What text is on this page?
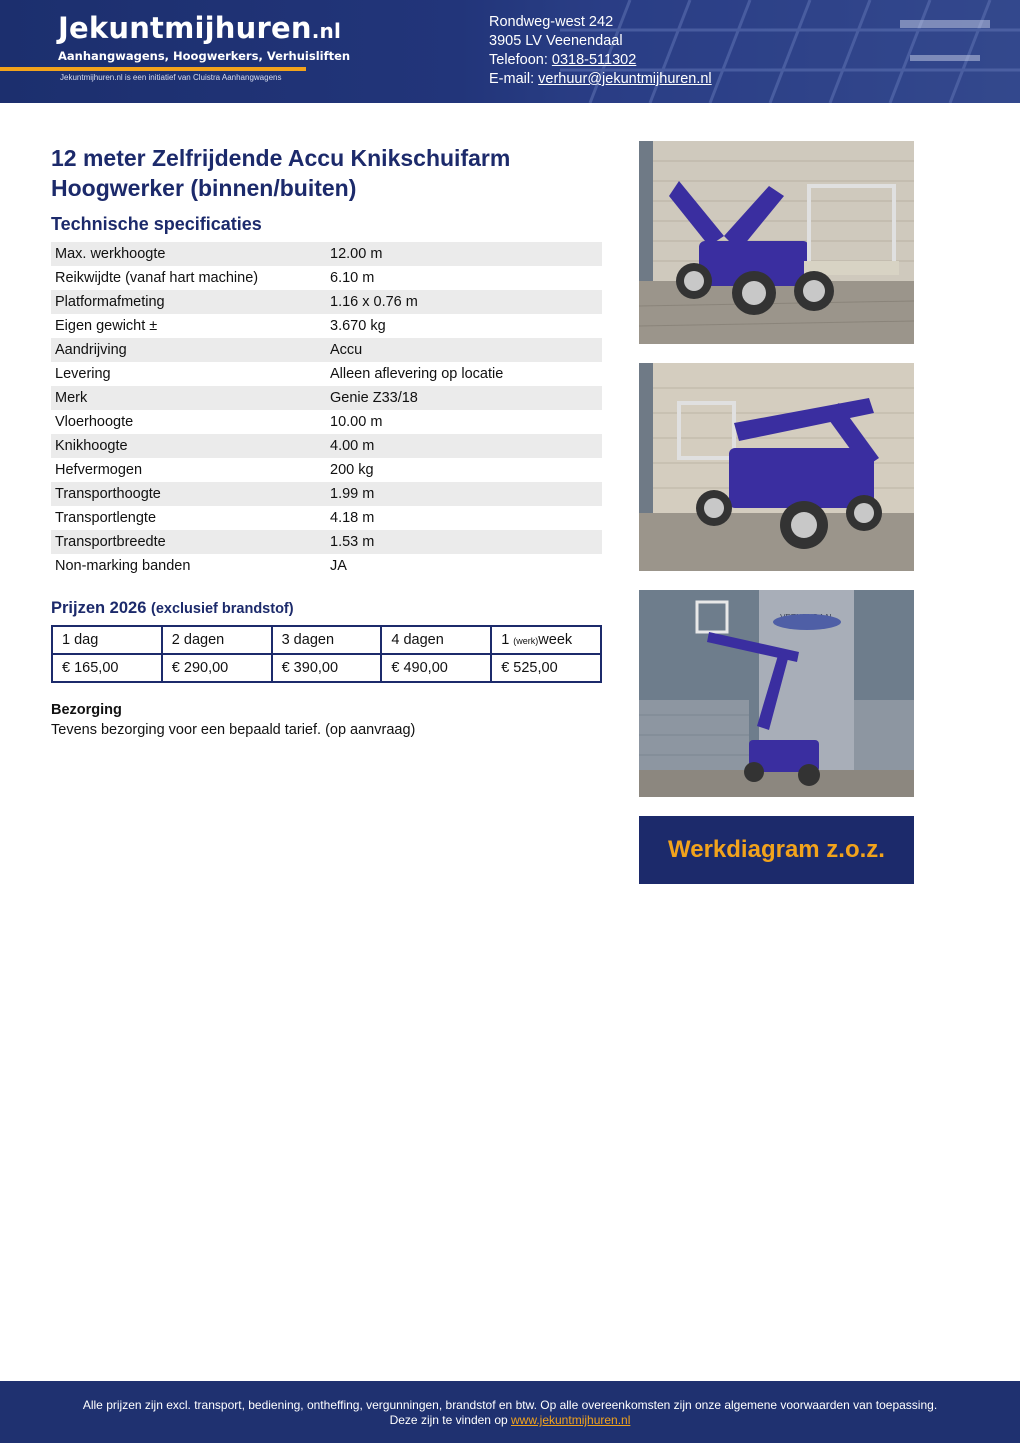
Jekuntmijhuren.nl
Aanhangwagens, Hoogwerkers, Verhuisliften
Jekuntmijhuren.nl is een initiatief van Cluistra Aanhangwagens
Rondweg-west 242
3905 LV Veenendaal
Telefoon: 0318-511302
E-mail: verhuur@jekuntmijhuren.nl
12 meter Zelfrijdende Accu Knikschuifarm
Hoogwerker (binnen/buiten)
Technische specificaties
Max. werkhoogte	12.00 m
Reikwijdte (vanaf hart machine)	6.10 m
Platformafmeting	1.16 x 0.76 m
Eigen gewicht ±	3.670 kg
Aandrijving	Accu
Levering	Alleen aflevering op locatie
Merk	Genie Z33/18
Vloerhoogte	10.00 m
Knikhoogte	4.00 m
Hefvermogen	200 kg
Transporthoogte	1.99 m
Transportlengte	4.18 m
Transportbreedte	1.53 m
Non-marking banden	JA
Prijzen 2026 (exclusief brandstof)
1 dag	2 dagen	3 dagen	4 dagen	1 (werk)week
€ 165,00	€ 290,00	€ 390,00	€ 490,00	€ 525,00
Bezorging
Tevens bezorging voor een bepaald tarief. (op aanvraag)
Werkdiagram z.o.z.
Alle prijzen zijn excl. transport, bediening, ontheffing, vergunningen, brandstof en btw. Op alle overeenkomsten zijn onze algemene voorwaarden van toepassing.
Deze zijn te vinden op www.jekuntmijhuren.nl
